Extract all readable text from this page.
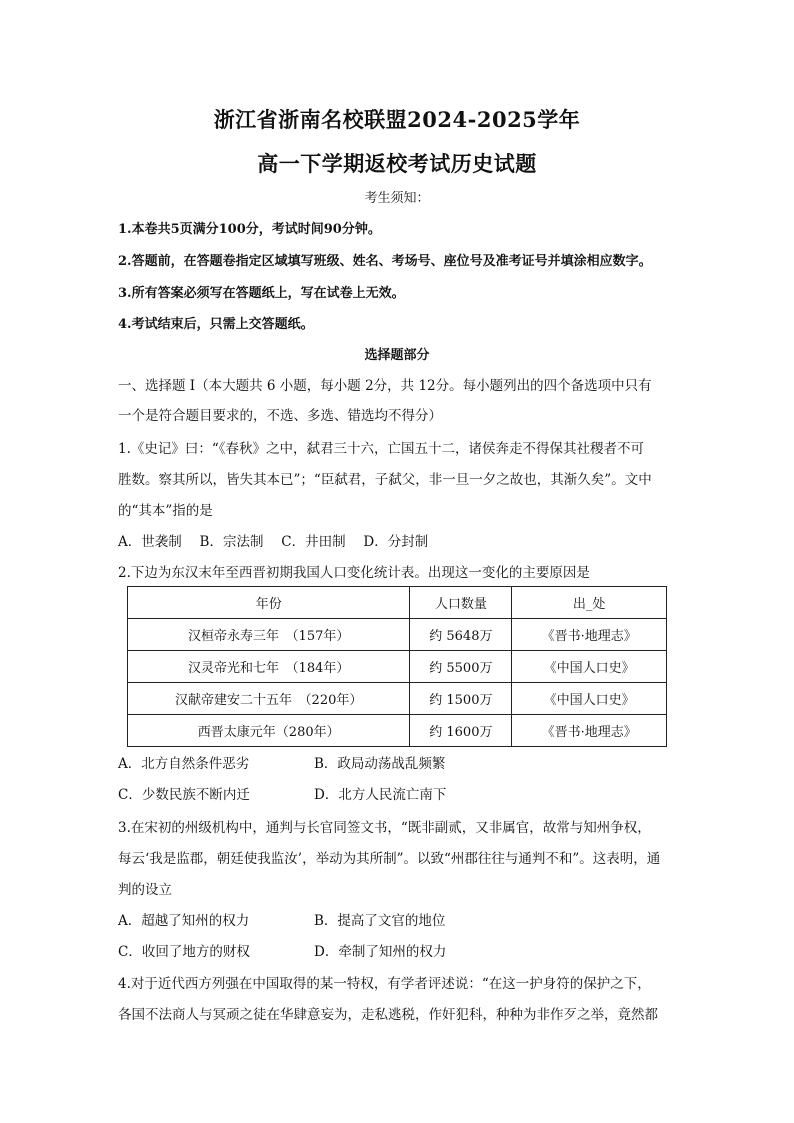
浙江省浙南名校联盟2024-2025学年
高一下学期返校考试历史试题
考生须知：
1.本卷共5页满分100分，考试时间90分钟。
2.答题前，在答题卷指定区域填写班级、姓名、考场号、座位号及准考证号并填涂相应数字。
3.所有答案必须写在答题纸上，写在试卷上无效。
4.考试结束后，只需上交答题纸。
选择题部分
一、选择题 I（本大题共 6 小题，每小题 2分，共 12分。每小题列出的四个备选项中只有
一个是符合题目要求的，不选、多选、错选均不得分）
1.《史记》曰：“《春秋》之中，弑君三十六，亡国五十二，诸侯奔走不得保其社稷者不可
胜数。察其所以，皆失其本已”；“臣弑君，子弑父，非一旦一夕之故也，其渐久矣”。文中
的“其本”指的是
A．世袭制　 B．宗法制　 C．井田制　 D．分封制
2.下边为东汉末年至西晋初期我国人口变化统计表。出现这一变化的主要原因是
年份	人口数量	出_处
汉桓帝永寿三年　（157年）	约 5648万	《晋书·地理志》
汉灵帝光和七年　（184年）	约 5500万	《中国人口史》
汉献帝建安二十五年　（220年）	约 1500万	《中国人口史》
西晋太康元年（280年）	约 1600万	《晋书·地理志》
A．北方自然条件恶劣	B．政局动荡战乱频繁
C．少数民族不断内迁	D．北方人民流亡南下
3.在宋初的州级机构中，通判与长官同签文书，“既非副贰，又非属官，故常与知州争权，
每云‘我是监郡，朝廷使我监汝’，举动为其所制”。以致“州郡往往与通判不和”。这表明，通
判的设立
A．超越了知州的权力	B．提高了文官的地位
C．收回了地方的财权	D．牵制了知州的权力
4.对于近代西方列强在中国取得的某一特权，有学者评述说：“在这一护身符的保护之下，
各国不法商人与冥顽之徒在华肆意妄为，走私逃税，作奸犯科，种种为非作歹之举，竟然都
